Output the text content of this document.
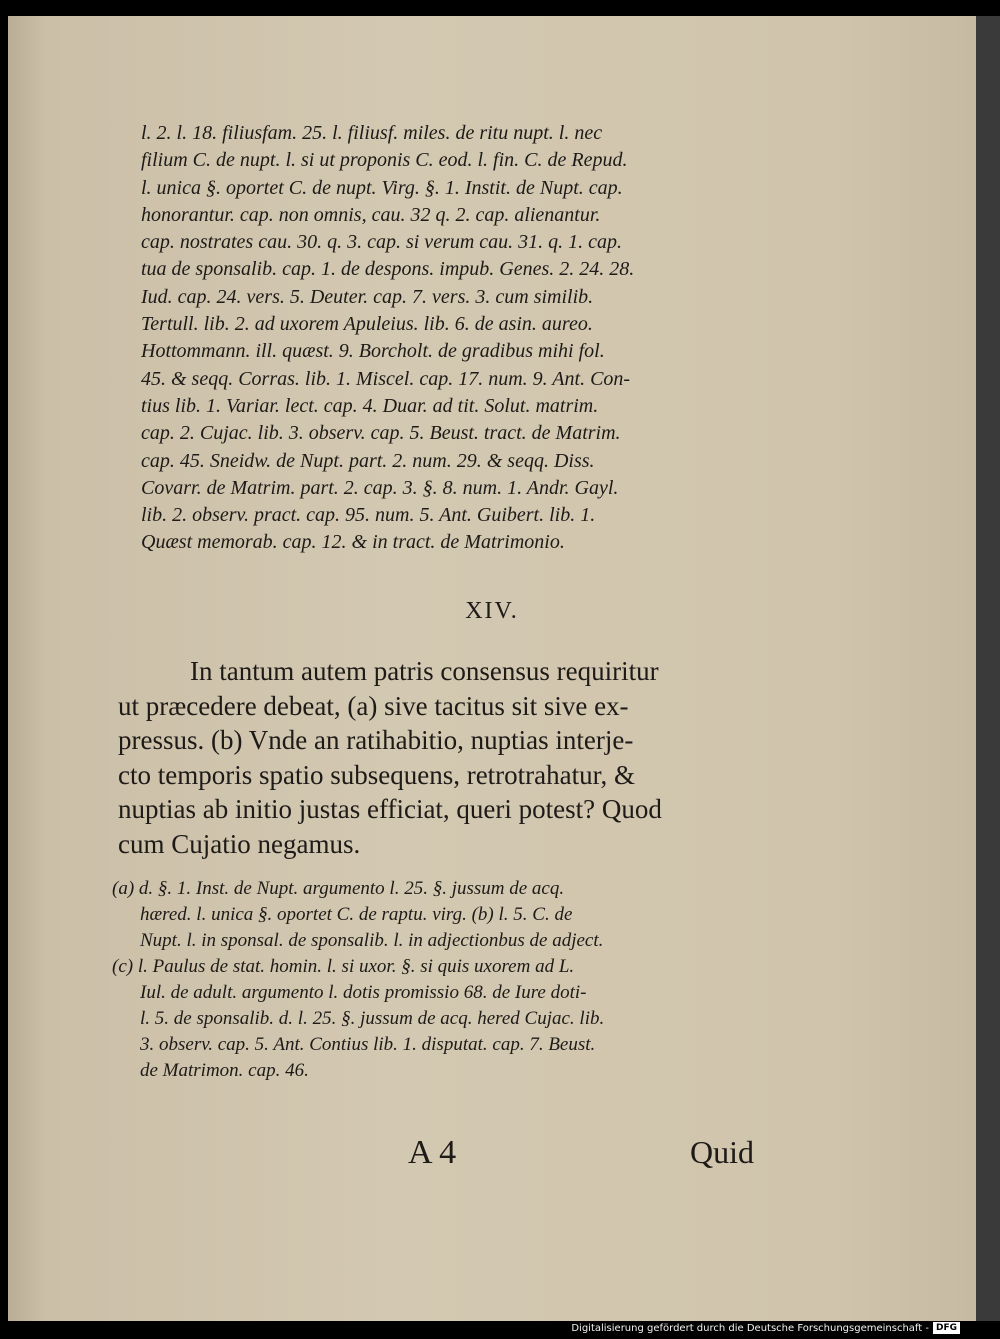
l. 2. l. 18. filiusfam. 25. l. filiusf. miles. de ritu nupt. l. nec
filium C. de nupt. l. si ut proponis C. eod. l. fin. C. de Repud.
l. unica §. oportet C. de nupt. Virg. §. 1. Instit. de Nupt. cap.
honorantur. cap. non omnis, cau. 32 q. 2. cap. alienantur.
cap. nostrates cau. 30. q. 3. cap. si verum cau. 31. q. 1. cap.
tua de sponsalib. cap. 1. de despons. impub. Genes. 2. 24. 28.
Iud. cap. 24. vers. 5. Deuter. cap. 7. vers. 3. cum similib.
Tertull. lib. 2. ad uxorem Apuleius. lib. 6. de asin. aureo.
Hottommann. ill. quæst. 9. Borcholt. de gradibus mihi fol.
45. & seqq. Corras. lib. 1. Miscel. cap. 17. num. 9. Ant. Con-
tius lib. 1. Variar. lect. cap. 4. Duar. ad tit. Solut. matrim.
cap. 2. Cujac. lib. 3. observ. cap. 5. Beust. tract. de Matrim.
cap. 45. Sneidw. de Nupt. part. 2. num. 29. & seqq. Diss.
Covarr. de Matrim. part. 2. cap. 3. §. 8. num. 1. Andr. Gayl.
lib. 2. observ. pract. cap. 95. num. 5. Ant. Guibert. lib. 1.
Quæst memorab. cap. 12. & in tract. de Matrimonio.
XIV.
In tantum autem patris consensus requiritur
ut præcedere debeat, (a) sive tacitus sit sive ex-
pressus. (b) Vnde an ratihabitio, nuptias interje-
cto temporis spatio subsequens, retrotrahatur, &
nuptias ab initio justas efficiat, queri potest? Quod
cum Cujatio negamus.
(a) d. §. 1. Inst. de Nupt. argumento l. 25. §. jussum de acq.
hæred. l. unica §. oportet C. de raptu. virg. (b) l. 5. C. de
Nupt. l. in sponsal. de sponsalib. l. in adjectionbus de adject.
(c) l. Paulus de stat. homin. l. si uxor. §. si quis uxorem ad L.
Iul. de adult. argumento l. dotis promissio 68. de Iure doti-
l. 5. de sponsalib. d. l. 25. §. jussum de acq. hered Cujac. lib.
3. observ. cap. 5. Ant. Contius lib. 1. disputat. cap. 7. Beust.
de Matrimon. cap. 46.
A 4	Quid
Digitalisierung gefördert durch die Deutsche Forschungsgemeinschaft - DFG
